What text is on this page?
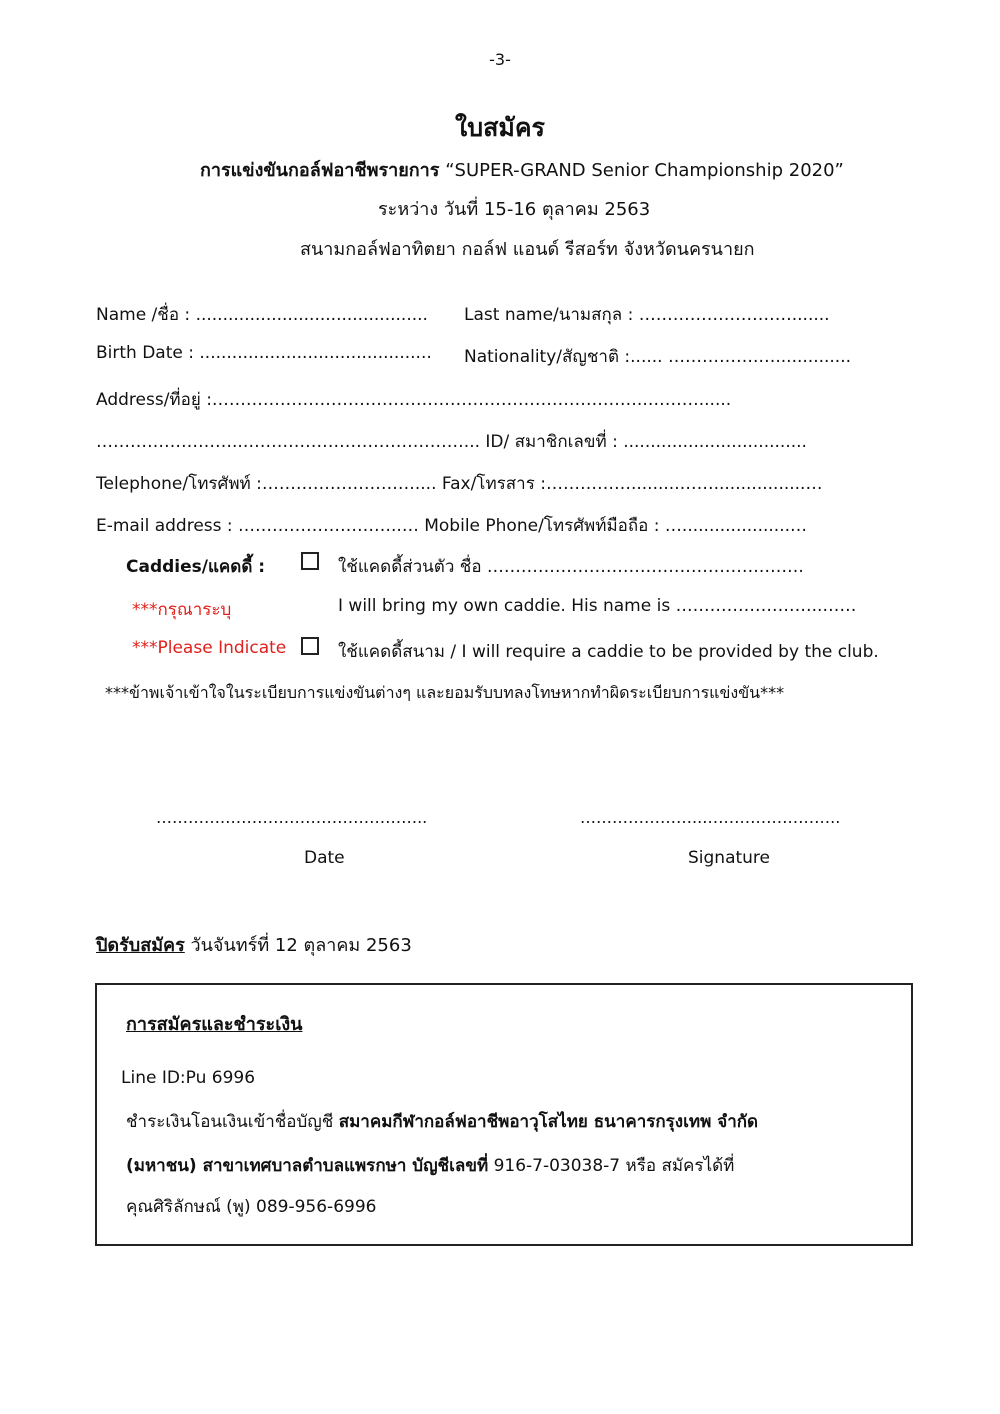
-3-
ใบสมัคร
การแข่งขันกอล์ฟอาชีพรายการ “SUPER-GRAND Senior Championship 2020”
ระหว่าง วันที่ 15-16 ตุลาคม 2563
สนามกอล์ฟอาทิตยา กอล์ฟ แอนด์ รีสอร์ท จังหวัดนครนายก
Name /ชื่อ : ........................................... Last name/นามสกุล : ……………………….......
Birth Date : ........................................... Nationality/สัญชาติ :...... …………….…..............
Address/ที่อยู่ :…………………………………………………………………..………......
……………………..…………………………………... ID/ สมาชิกเลขที่ : ..................................
Telephone/โทรศัพท์ :……………………….... Fax/โทรสาร :…………….........…….................…
E-mail address : ………………………..… Mobile Phone/โทรศัพท์มือถือ : …....................…
Caddies/แคดดี้ :	ใช้แคดดี้ส่วนตัว ชื่อ ………………………………………….…….
***กรุณาระบุ	I will bring my own caddie. His name is ……………………..……
***Please Indicate	ใช้แคดดี้สนาม / I will require a caddie to be provided by the club.
***ข้าพเจ้าเข้าใจในระเบียบการแข่งขันต่างๆ และยอมรับบทลงโทษหากทำผิดระเบียบการแข่งขัน***
………….………………………………..	…………………..……………………..
Date	Signature
ปิดรับสมัคร วันจันทร์ที่ 12 ตุลาคม 2563
การสมัครและชำระเงิน
Line ID:Pu 6996
ชำระเงินโอนเงินเข้าชื่อบัญชี สมาคมกีฬากอล์ฟอาชีพอาวุโสไทย ธนาคารกรุงเทพ จำกัด
(มหาชน) สาขาเทศบาลตำบลแพรกษา บัญชีเลขที่ 916-7-03038-7 หรือ สมัครได้ที่
คุณศิริลักษณ์ (พู) 089-956-6996
